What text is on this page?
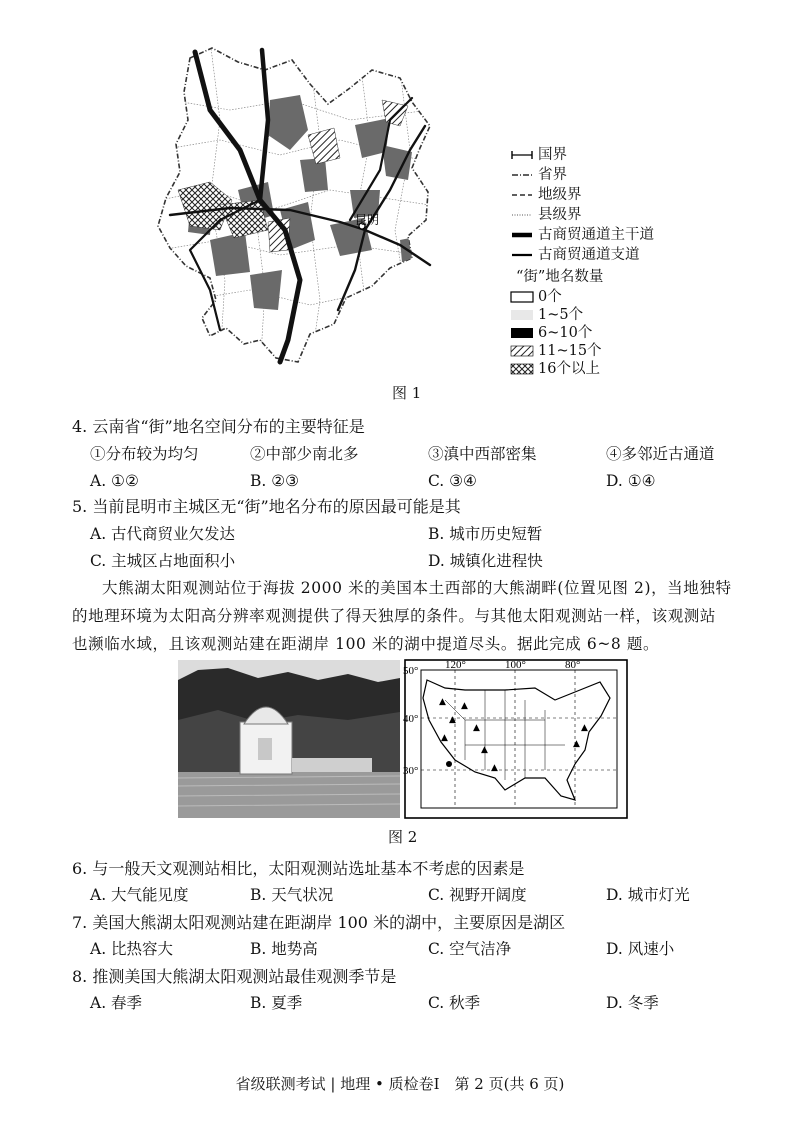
昆明
国界
省界
地级界
县级界
古商贸通道主干道
古商贸通道支道
“街”地名数量
0个
1~5个
6~10个
11~15个
16个以上
图 1
4. 云南省“街”地名空间分布的主要特征是
①分布较为均匀	②中部少南北多	③滇中西部密集	④多邻近古通道
A. ①②	B. ②③	C. ③④	D. ①④
5. 当前昆明市主城区无“街”地名分布的原因最可能是其
A. 古代商贸业欠发达	B. 城市历史短暂
C. 主城区占地面积小	D. 城镇化进程快
大熊湖太阳观测站位于海拔 2000 米的美国本土西部的大熊湖畔(位置见图 2)，当地独特的地理环境为太阳高分辨率观测提供了得天独厚的条件。与其他太阳观测站一样，该观测站也濒临水域，且该观测站建在距湖岸 100 米的湖中提道尽头。据此完成 6~8 题。
▲
▲
▲
▲
▲
▲
▲
▲
▲
120°	100°	80°
50°
40°
30°
图 2
6. 与一般天文观测站相比，太阳观测站选址基本不考虑的因素是
A. 大气能见度	B. 天气状况	C. 视野开阔度	D. 城市灯光
7. 美国大熊湖太阳观测站建在距湖岸 100 米的湖中，主要原因是湖区
A. 比热容大	B. 地势高	C. 空气洁净	D. 风速小
8. 推测美国大熊湖太阳观测站最佳观测季节是
A. 春季	B. 夏季	C. 秋季	D. 冬季
省级联测考试 | 地理 • 质检卷Ⅰ　第 2 页(共 6 页)
